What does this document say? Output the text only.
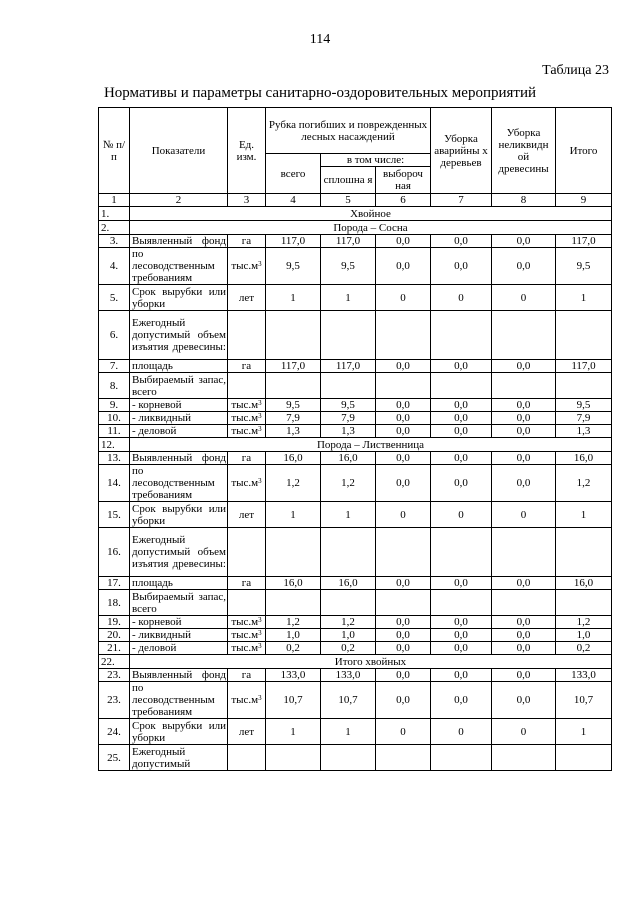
114
Таблица 23
Нормативы и параметры санитарно-оздоровительных мероприятий
№ п/п	Показатели	Ед. изм.	Рубка погибших и поврежденных лесных насаждений			Уборка аварийны х деревьев	Уборка неликвидн ой древесины	Итого
			всего	в том числе:				
				сплошна я	выбороч ная			
1	2	3	4	5	6	7	8	9
1.	Хвойное							
2.	Порода – Сосна							
3.	Выявленный фонд	га	117,0	117,0	0,0	0,0	0,0	117,0
4.	по лесоводственным требованиям	$тыс.м^3$	9,5	9,5	0,0	0,0	0,0	9,5
5.	Срок вырубки или уборки	лет	1	1	0	0	0	1
6.	Ежегодный допустимый объем изъятия древесины:							
7.	площадь	га	117,0	117,0	0,0	0,0	0,0	117,0
8.	Выбираемый запас, всего							
9.	- корневой	$тыс.м^3$	9,5	9,5	0,0	0,0	0,0	9,5
10.	- ликвидный	$тыс.м^3$	7,9	7,9	0,0	0,0	0,0	7,9
11.	- деловой	$тыс.м^3$	1,3	1,3	0,0	0,0	0,0	1,3
12.	Порода – Лиственница							
13.	Выявленный фонд	га	16,0	16,0	0,0	0,0	0,0	16,0
14.	по лесоводственным требованиям	$тыс.м^3$	1,2	1,2	0,0	0,0	0,0	1,2
15.	Срок вырубки или уборки	лет	1	1	0	0	0	1
16.	Ежегодный допустимый объем изъятия древесины:							
17.	площадь	га	16,0	16,0	0,0	0,0	0,0	16,0
18.	Выбираемый запас, всего							
19.	- корневой	$тыс.м^3$	1,2	1,2	0,0	0,0	0,0	1,2
20.	- ликвидный	$тыс.м^3$	1,0	1,0	0,0	0,0	0,0	1,0
21.	- деловой	$тыс.м^3$	0,2	0,2	0,0	0,0	0,0	0,2
22.	Итого хвойных							
23.	Выявленный фонд	га	133,0	133,0	0,0	0,0	0,0	133,0
23.	по лесоводственным требованиям	$тыс.м^3$	10,7	10,7	0,0	0,0	0,0	10,7
24.	Срок вырубки или уборки	лет	1	1	0	0	0	1
25.	Ежегодный допустимый							
